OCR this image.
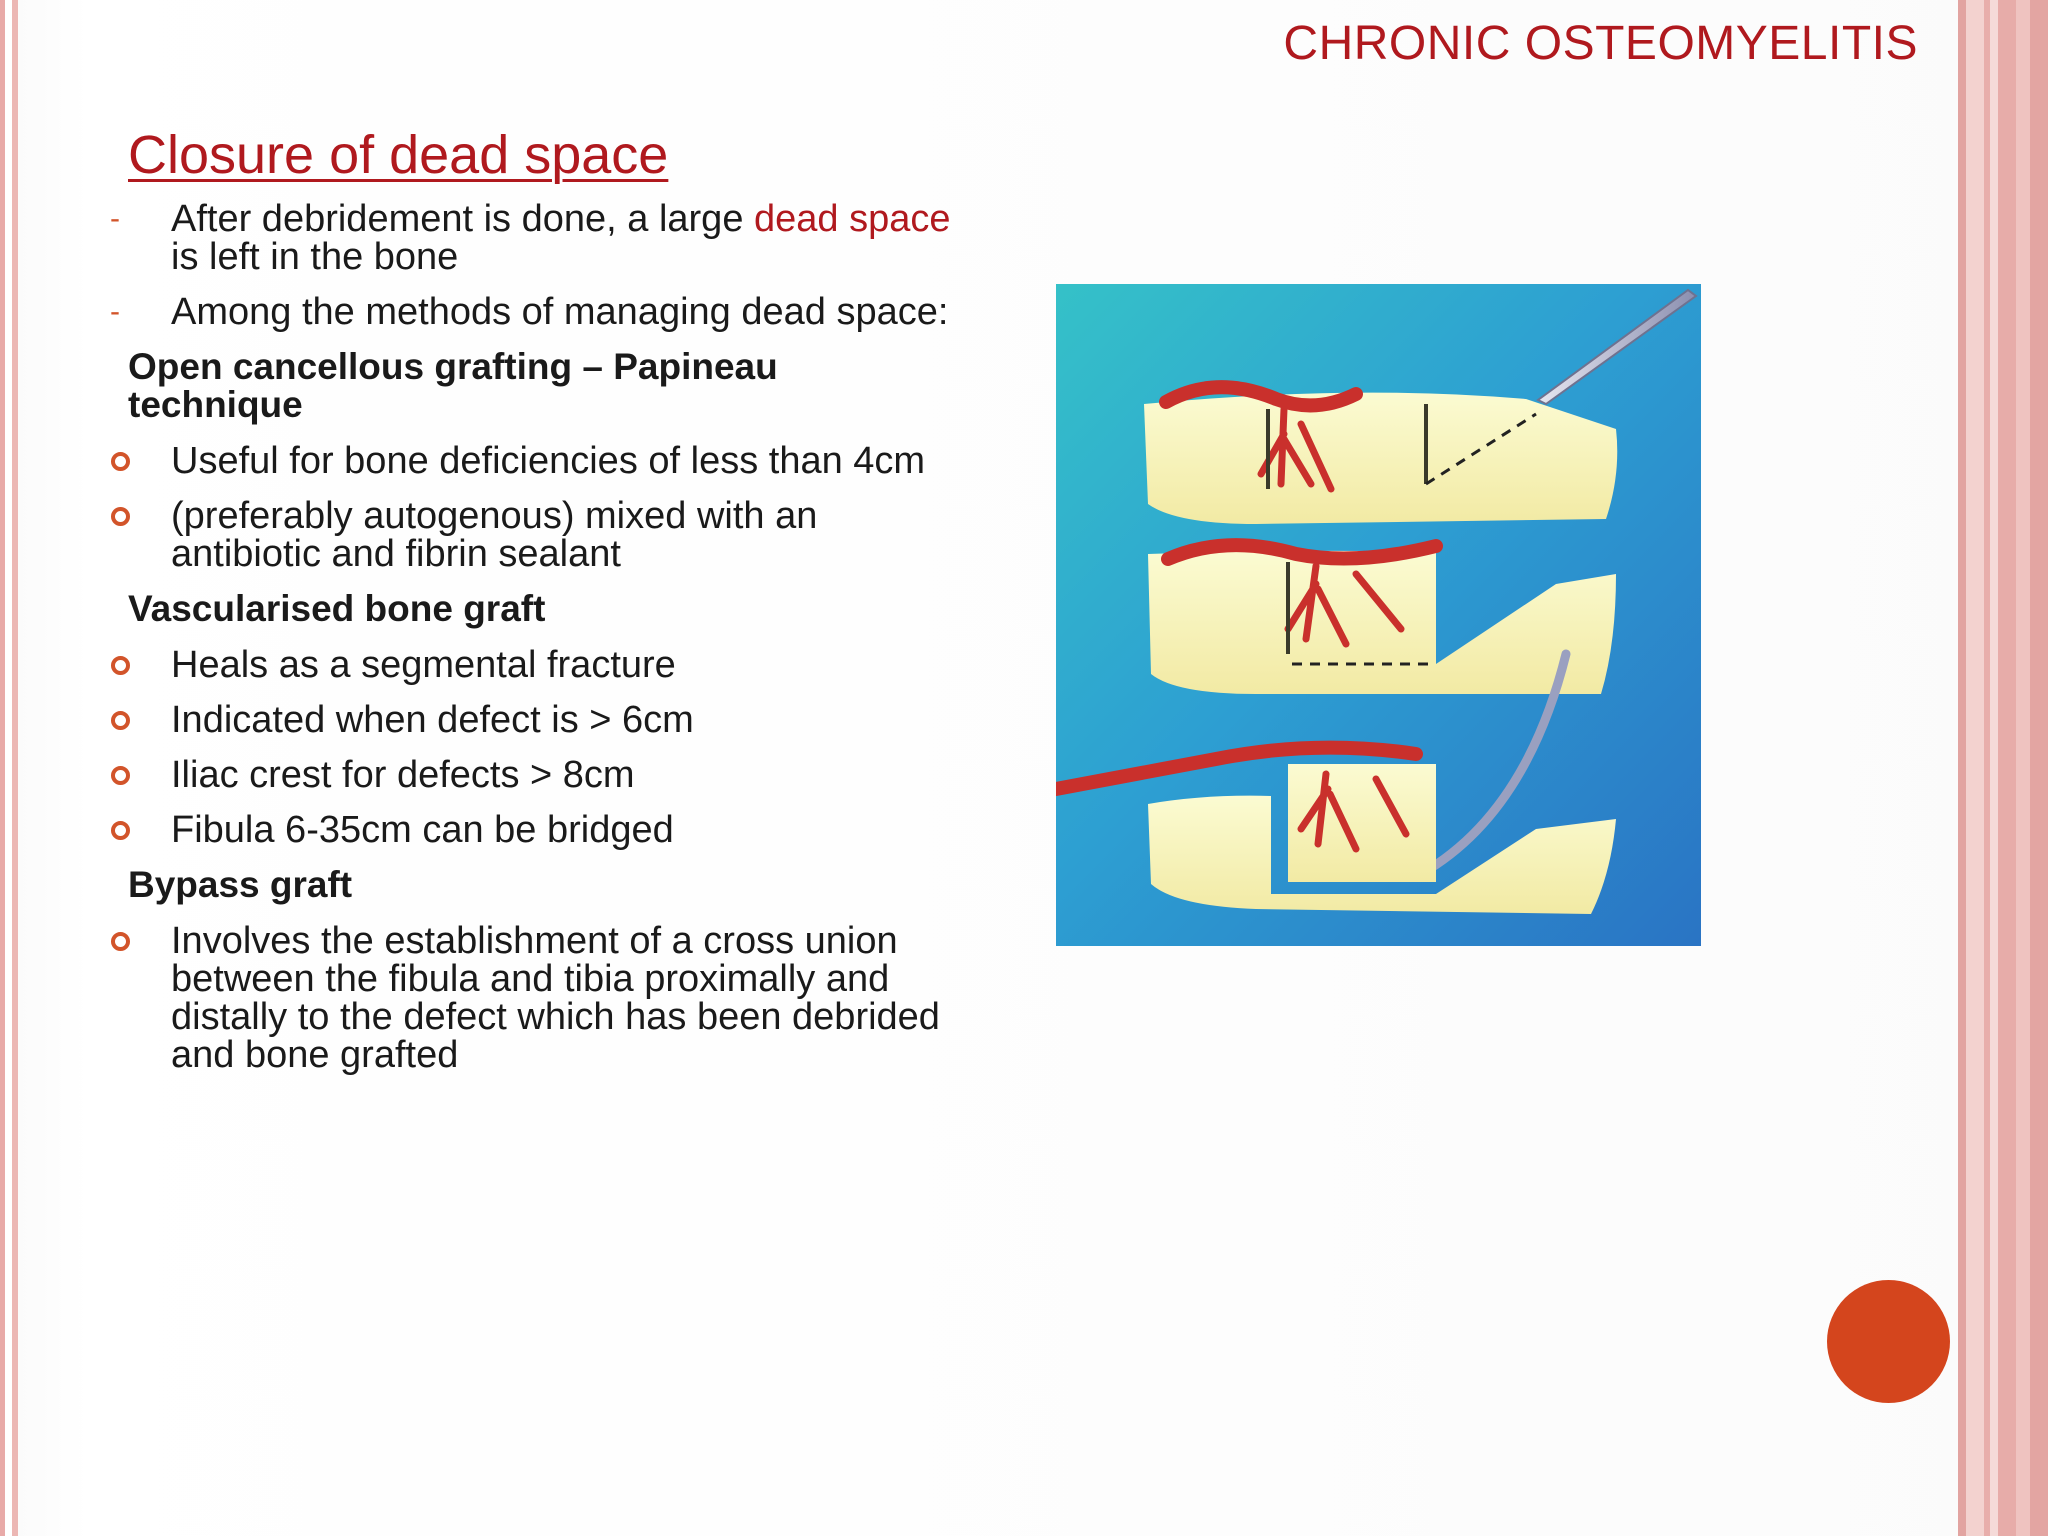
CHRONIC OSTEOMYELITIS
Closure of dead space
- After debridement is done, a large dead space is left in the bone
- Among the methods of managing dead space:
Open cancellous grafting – Papineau technique
Useful for bone deficiencies of less than 4cm
(preferably autogenous) mixed with an antibiotic and fibrin sealant
Vascularised bone graft
Heals as a segmental fracture
Indicated when defect is > 6cm
Iliac crest for defects > 8cm
Fibula 6-35cm can be bridged
Bypass graft
Involves the establishment of a cross union between the fibula and tibia proximally and distally to the defect which has been debrided and bone grafted
